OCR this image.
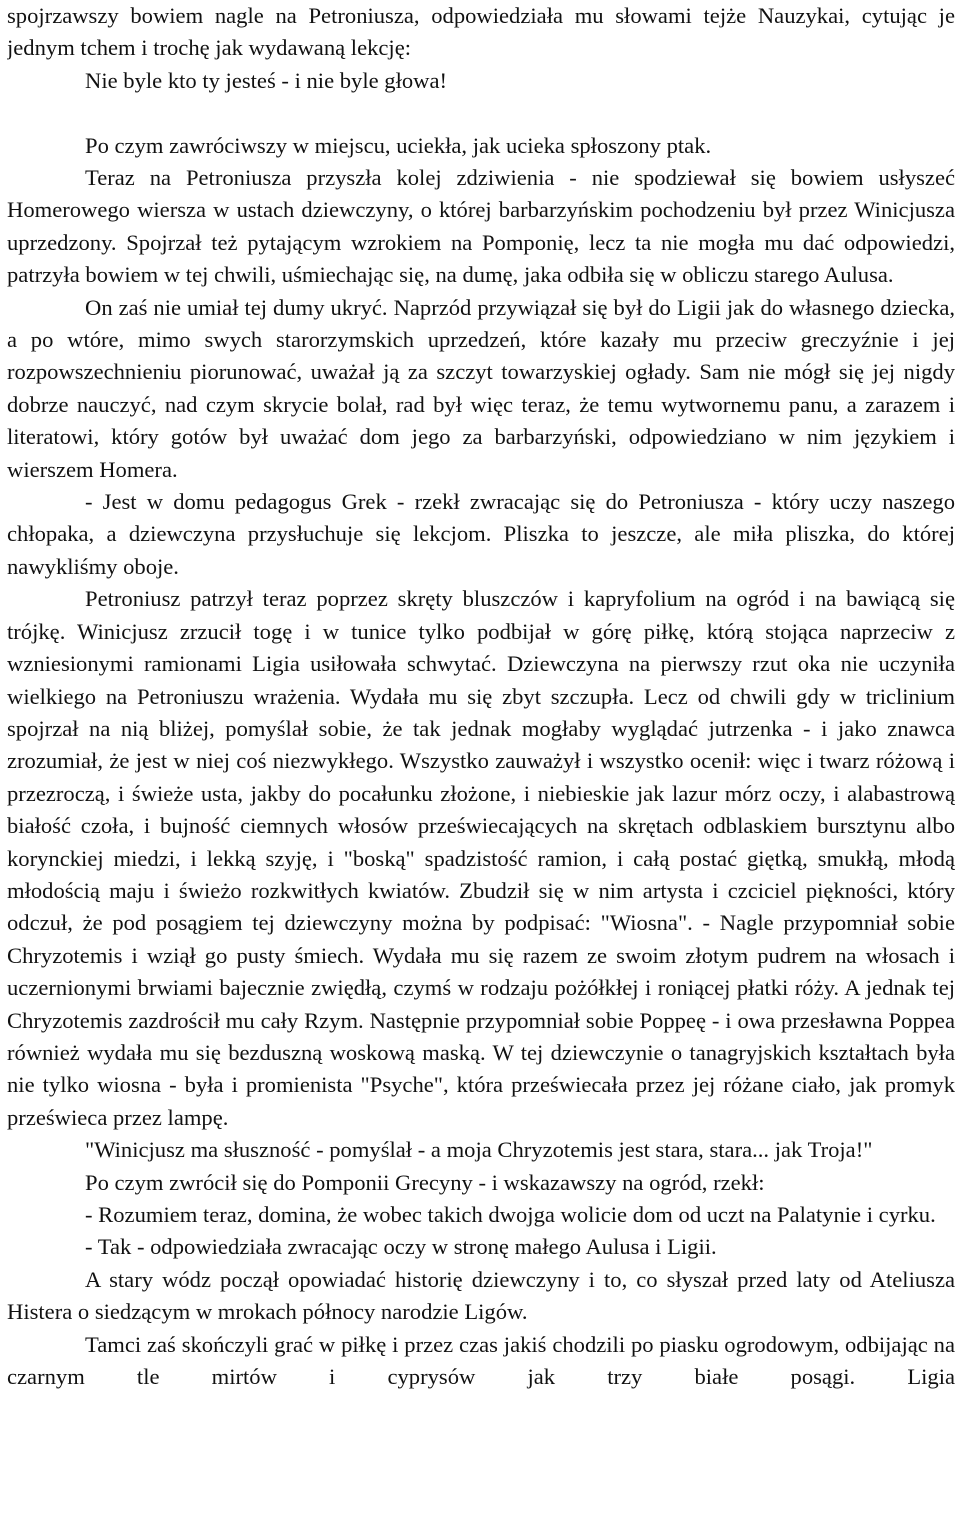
spojrzawszy bowiem nagle na Petroniusza, odpowiedziała mu słowami tejże Nauzykai, cytując je jednym tchem i trochę jak wydawaną lekcję:

Nie byle kto ty jesteś - i nie byle głowa!

Po czym zawróciwszy w miejscu, uciekła, jak ucieka spłoszony ptak.

Teraz na Petroniusza przyszła kolej zdziwienia - nie spodziewał się bowiem usłyszeć Homerowego wiersza w ustach dziewczyny, o której barbarzyńskim pochodzeniu był przez Winicjusza uprzedzony. Spojrzał też pytającym wzrokiem na Pomponię, lecz ta nie mogła mu dać odpowiedzi, patrzyła bowiem w tej chwili, uśmiechając się, na dumę, jaka odbiła się w obliczu starego Aulusa.

On zaś nie umiał tej dumy ukryć. Naprzód przywiązał się był do Ligii jak do własnego dziecka, a po wtóre, mimo swych starorzymskich uprzedzeń, które kazały mu przeciw greczyźnie i jej rozpowszechnieniu piorunować, uważał ją za szczyt towarzyskiej ogłady. Sam nie mógł się jej nigdy dobrze nauczyć, nad czym skrycie bolał, rad był więc teraz, że temu wytwornemu panu, a zarazem i literatowi, który gotów był uważać dom jego za barbarzyński, odpowiedziano w nim językiem i wierszem Homera.

- Jest w domu pedagogus Grek - rzekł zwracając się do Petroniusza - który uczy naszego chłopaka, a dziewczyna przysłuchuje się lekcjom. Pliszka to jeszcze, ale miła pliszka, do której nawykliśmy oboje.

Petroniusz patrzył teraz poprzez skręty bluszczów i kapryfolium na ogród i na bawiącą się trójkę. Winicjusz zrzucił togę i w tunice tylko podbijał w górę piłkę, którą stojąca naprzeciw z wzniesionymi ramionami Ligia usiłowała schwytać. Dziewczyna na pierwszy rzut oka nie uczyniła wielkiego na Petroniuszu wrażenia. Wydała mu się zbyt szczupła. Lecz od chwili gdy w triclinium spojrzał na nią bliżej, pomyślał sobie, że tak jednak mogłaby wyglądać jutrzenka - i jako znawca zrozumiał, że jest w niej coś niezwykłego. Wszystko zauważył i wszystko ocenił: więc i twarz różową i przezroczą, i świeże usta, jakby do pocałunku złożone, i niebieskie jak lazur mórz oczy, i alabastrową białość czoła, i bujność ciemnych włosów przeświecających na skrętach odblaskiem bursztynu albo korynckiej miedzi, i lekką szyję, i "boską" spadzistość ramion, i całą postać giętką, smukłą, młodą młodością maju i świeżo rozkwitłych kwiatów. Zbudził się w nim artysta i czciciel piękności, który odczuł, że pod posągiem tej dziewczyny można by podpisać: "Wiosna". - Nagle przypomniał sobie Chryzotemis i wziął go pusty śmiech. Wydała mu się razem ze swoim złotym pudrem na włosach i uczernionymi brwiami bajecznie zwiędłą, czymś w rodzaju pożółkłej i roniącej płatki róży. A jednak tej Chryzotemis zazdrościł mu cały Rzym. Następnie przypomniał sobie Poppeę - i owa przesławna Poppea również wydała mu się bezduszną woskową maską. W tej dziewczynie o tanagryjskich kształtach była nie tylko wiosna - była i promienista "Psyche", która przeświecała przez jej różane ciało, jak promyk prześwieca przez lampę.

"Winicjusz ma słuszność - pomyślał - a moja Chryzotemis jest stara, stara... jak Troja!"

Po czym zwrócił się do Pomponii Grecyny - i wskazawszy na ogród, rzekł:

- Rozumiem teraz, domina, że wobec takich dwojga wolicie dom od uczt na Palatynie i cyrku.

- Tak - odpowiedziała zwracając oczy w stronę małego Aulusa i Ligii.

A stary wódz począł opowiadać historię dziewczyny i to, co słyszał przed laty od Ateliusza Histera o siedzącym w mrokach północy narodzie Ligów.

Tamci zaś skończyli grać w piłkę i przez czas jakiś chodzili po piasku ogrodowym, odbijając na czarnym tle mirtów i cyprysów jak trzy białe posągi. Ligia
